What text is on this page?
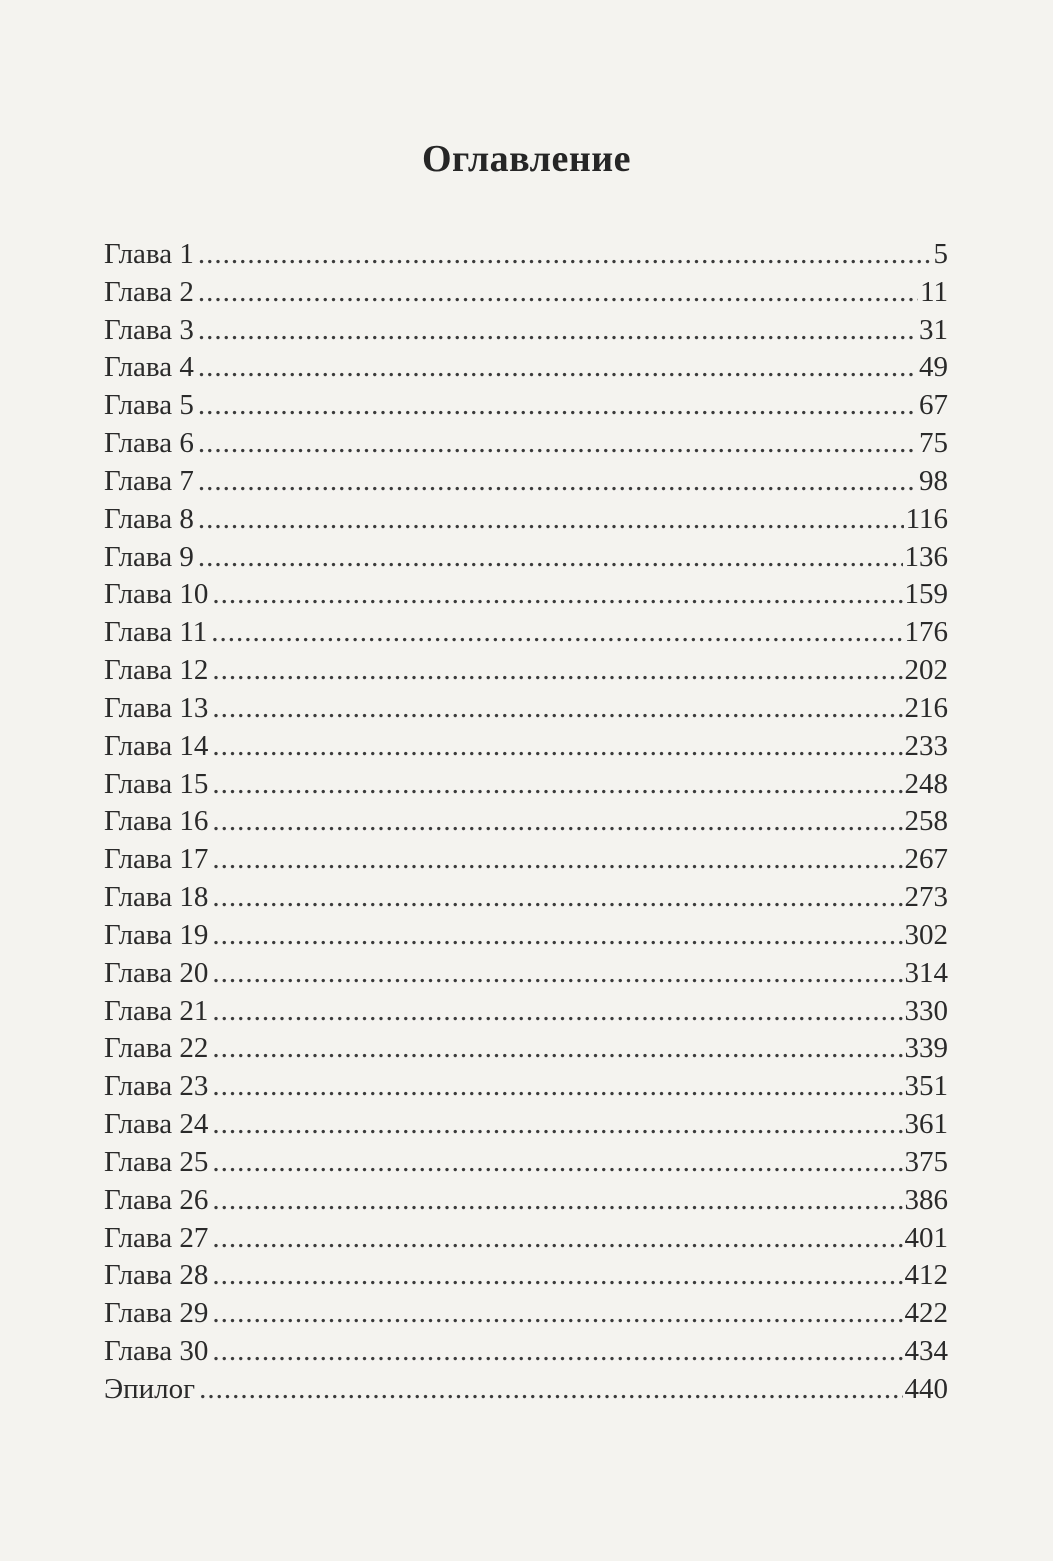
Оглавление
Глава 1 .....	5
Глава 2 .....	11
Глава 3 .....	31
Глава 4 .....	49
Глава 5 .....	67
Глава 6 .....	75
Глава 7 .....	98
Глава 8 .....	116
Глава 9 .....	136
Глава 10 .....	159
Глава 11 .....	176
Глава 12 .....	202
Глава 13 .....	216
Глава 14 .....	233
Глава 15 .....	248
Глава 16 .....	258
Глава 17 .....	267
Глава 18 .....	273
Глава 19 .....	302
Глава 20 .....	314
Глава 21 .....	330
Глава 22 .....	339
Глава 23 .....	351
Глава 24 .....	361
Глава 25 .....	375
Глава 26 .....	386
Глава 27 .....	401
Глава 28 .....	412
Глава 29 .....	422
Глава 30 .....	434
Эпилог .....	440
